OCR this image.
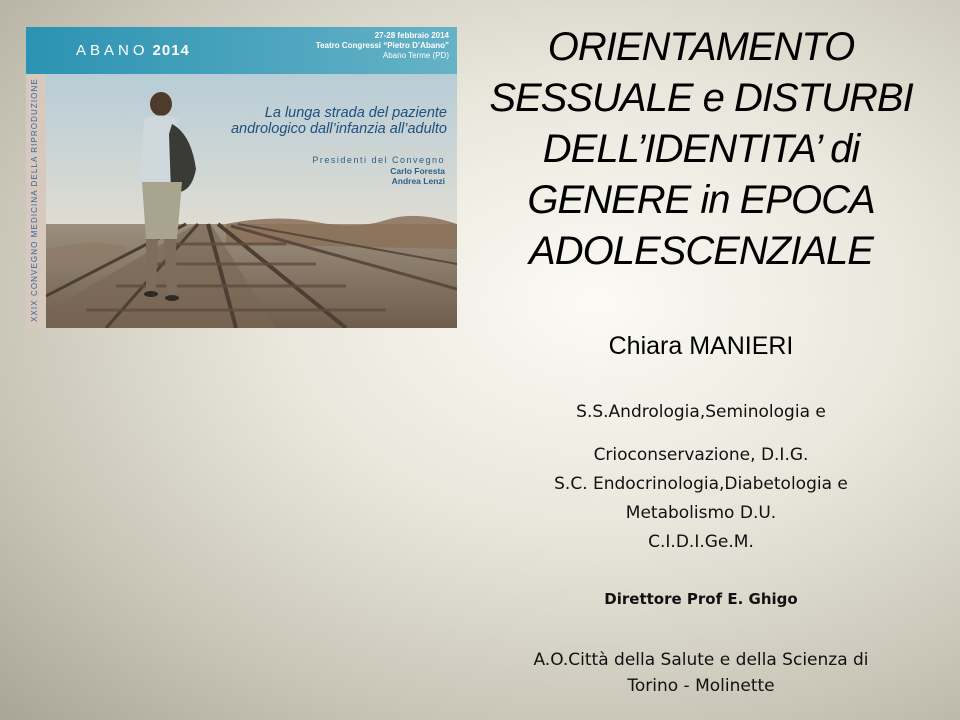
ABANO 2014
27-28 febbraio 2014
Teatro Congressi “Pietro D’Abano”
Abano Terme (PD)
XXIX CONVEGNO MEDICINA DELLA RIPRODUZIONE	La lunga strada del paziente
andrologico dall’infanzia all’adulto
Presidenti del Convegno
Carlo Foresta
Andrea Lenzi
ORIENTAMENTO
SESSUALE e DISTURBI
DELL’IDENTITA’ di
GENERE in EPOCA
ADOLESCENZIALE
Chiara MANIERI
S.S.Andrologia,Seminologia e
Crioconservazione, D.I.G.
S.C. Endocrinologia,Diabetologia e
Metabolismo D.U.
C.I.D.I.Ge.M.
Direttore Prof E. Ghigo
A.O.Città della Salute e della Scienza di
Torino - Molinette
